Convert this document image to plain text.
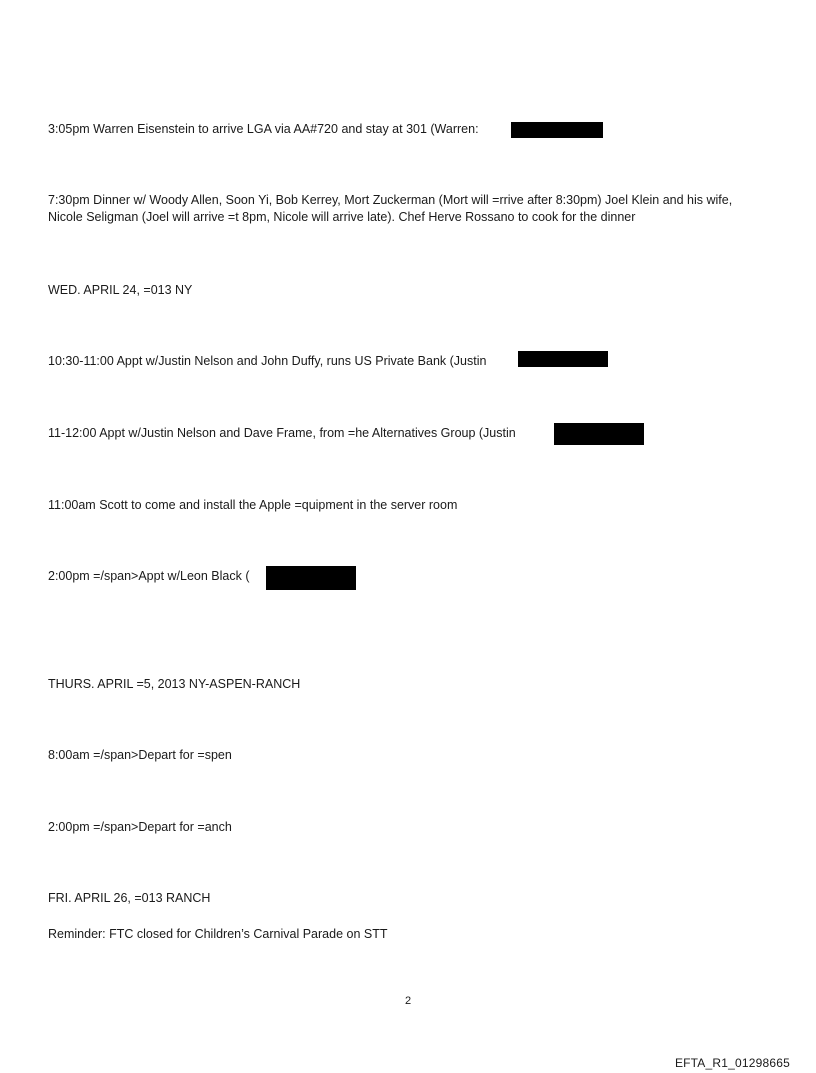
3:05pm Warren Eisenstein to arrive LGA via AA#720 and stay at 301 (Warren:
7:30pm Dinner w/ Woody Allen, Soon Yi, Bob Kerrey, Mort Zuckerman (Mort will =rrive after 8:30pm) Joel Klein and his wife, Nicole Seligman (Joel will arrive =t 8pm, Nicole will arrive late). Chef Herve Rossano to cook for the dinner
WED. APRIL 24, =013 NY
10:30-11:00 Appt w/Justin Nelson and John Duffy, runs US Private Bank (Justin
11-12:00 Appt w/Justin Nelson and Dave Frame, from =he Alternatives Group (Justin
11:00am Scott to come and install the Apple =quipment in the server room
2:00pm =/span>Appt w/Leon Black (
THURS. APRIL =5, 2013 NY-ASPEN-RANCH
8:00am =/span>Depart for =spen
2:00pm =/span>Depart for =anch
FRI. APRIL 26, =013 RANCH
Reminder: FTC closed for Children’s Carnival Parade on STT
2
EFTA_R1_01298665
